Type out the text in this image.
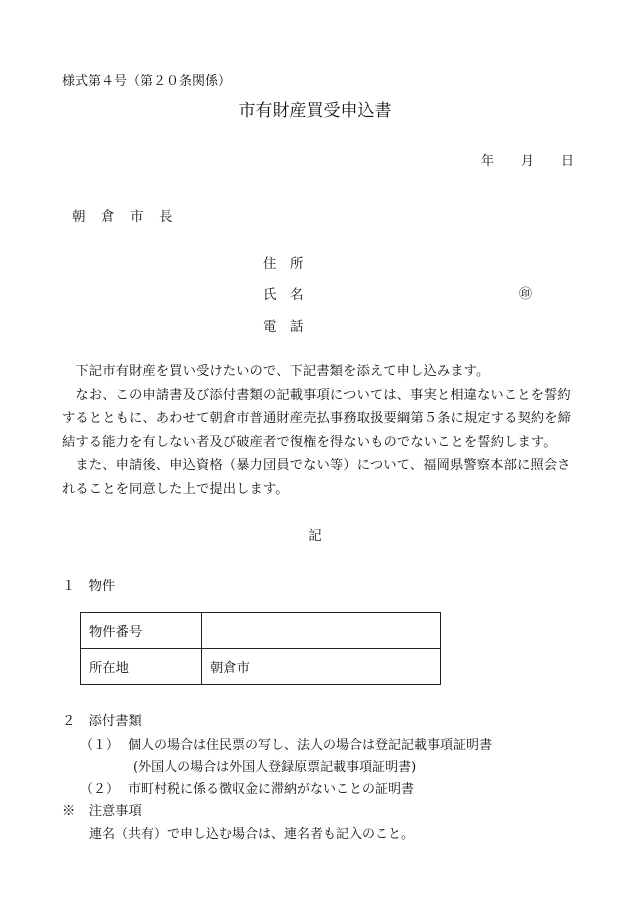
様式第４号（第２０条関係）
市有財産買受申込書
年 月 日
朝　倉　市　長
住　所
氏　名	㊞
電　話

　下記市有財産を買い受けたいので、下記書類を添えて申し込みます。

　なお、この申請書及び添付書類の記載事項については、事実と相違ないことを誓約するとともに、あわせて朝倉市普通財産売払事務取扱要綱第５条に規定する契約を締結する能力を有しない者及び破産者で復権を得ないものでないことを誓約します。

　また、申請後、申込資格（暴力団員でない等）について、福岡県警察本部に照会されることを同意した上で提出します。

記
１　物件
物件番号	
所在地	朝倉市
２　添付書類
（１） 個人の場合は住民票の写し、法人の場合は登記記載事項証明書
(外国人の場合は外国人登録原票記載事項証明書)
（２） 市町村税に係る徴収金に滞納がないことの証明書
※　注意事項
連名（共有）で申し込む場合は、連名者も記入のこと。
